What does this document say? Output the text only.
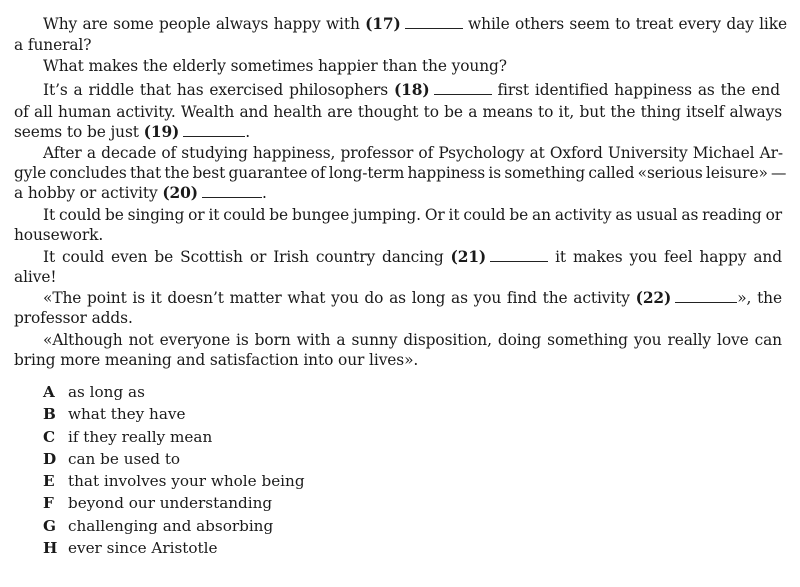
Why are some people always happy with (17)	while others seem to treat every day like
a funeral?
What makes the elderly sometimes happier than the young?
It’s a riddle that has exercised philosophers (18)	first identified happiness as the end
of all human activity. Wealth and health are thought to be a means to it, but the thing itself always
seems to be just (19)	.
After a decade of studying happiness, professor of Psychology at Oxford University Michael Ar-
gyle concludes that the best guarantee of long-term happiness is something called «serious leisure» —
a hobby or activity (20)	.
It could be singing or it could be bungee jumping. Or it could be an activity as usual as reading or
housework.
It could even be Scottish or Irish country dancing (21)	it makes you feel happy and
alive!
«The point is it doesn’t matter what you do as long as you find the activity (22)	», the
professor adds.
«Although not everyone is born with a sunny disposition, doing something you really love can
bring more meaning and satisfaction into our lives».
A as long as
B what they have
C if they really mean
D can be used to
E that involves your whole being
F beyond our understanding
G challenging and absorbing
H ever since Aristotle
